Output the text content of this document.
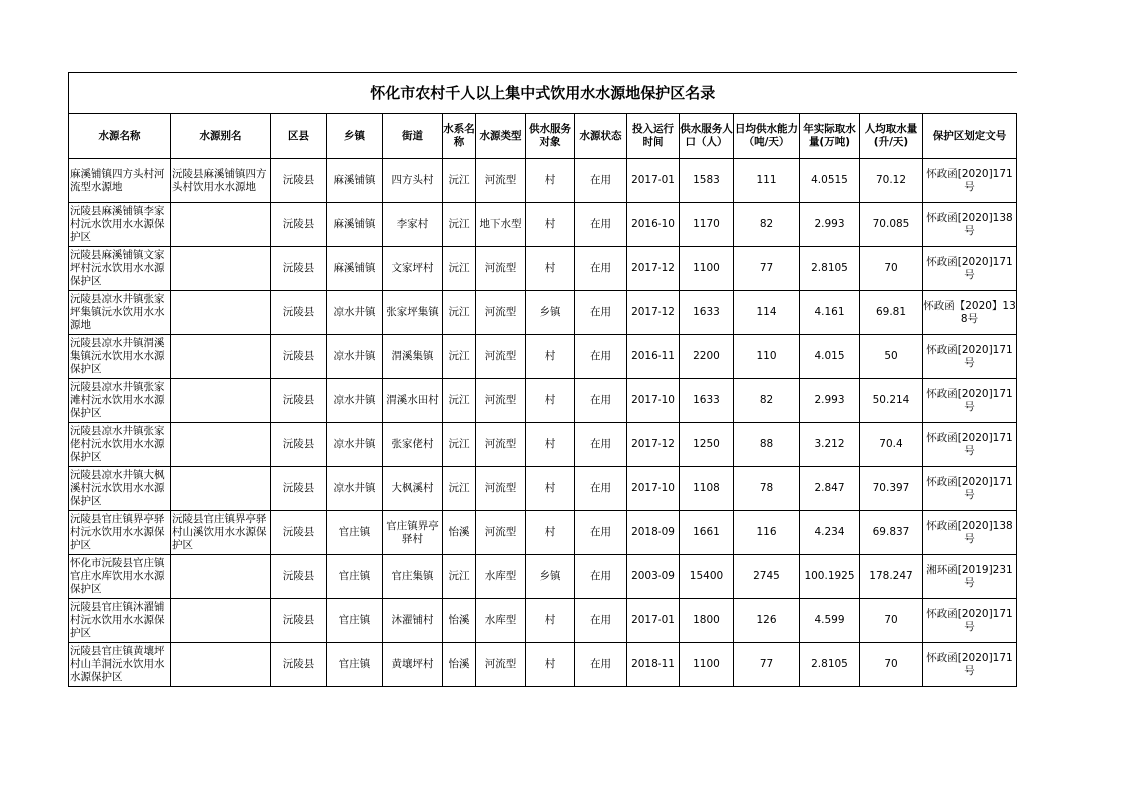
怀化市农村千人以上集中式饮用水水源地保护区名录														
水源名称	水源别名	区县	乡镇	街道	水系名称	水源类型	供水服务对象	水源状态	投入运行时间	供水服务人口（人）	日均供水能力（吨/天）	年实际取水量(万吨)	人均取水量(升/天)	保护区划定文号

麻溪铺镇四方头村河流型水源地	沅陵县麻溪铺镇四方头村饮用水水源地	沅陵县	麻溪铺镇	四方头村	沅江	河流型	村	在用	2017-01	1583	111	4.0515	70.12	怀政函[2020]171号

沅陵县麻溪铺镇李家村沅水饮用水水源保护区		沅陵县	麻溪铺镇	李家村	沅江	地下水型	村	在用	2016-10	1170	82	2.993	70.085	怀政函[2020]138号

沅陵县麻溪铺镇文家坪村沅水饮用水水源保护区		沅陵县	麻溪铺镇	文家坪村	沅江	河流型	村	在用	2017-12	1100	77	2.8105	70	怀政函[2020]171号

沅陵县凉水井镇张家坪集镇沅水饮用水水源地		沅陵县	凉水井镇	张家坪集镇	沅江	河流型	乡镇	在用	2017-12	1633	114	4.161	69.81	怀政函【2020】138号

沅陵县凉水井镇渭溪集镇沅水饮用水水源保护区		沅陵县	凉水井镇	渭溪集镇	沅江	河流型	村	在用	2016-11	2200	110	4.015	50	怀政函[2020]171号

沅陵县凉水井镇张家滩村沅水饮用水水源保护区		沅陵县	凉水井镇	渭溪水田村	沅江	河流型	村	在用	2017-10	1633	82	2.993	50.214	怀政函[2020]171号

沅陵县凉水井镇张家佬村沅水饮用水水源保护区		沅陵县	凉水井镇	张家佬村	沅江	河流型	村	在用	2017-12	1250	88	3.212	70.4	怀政函[2020]171号

沅陵县凉水井镇大枫溪村沅水饮用水水源保护区		沅陵县	凉水井镇	大枫溪村	沅江	河流型	村	在用	2017-10	1108	78	2.847	70.397	怀政函[2020]171号

沅陵县官庄镇界亭驿村沅水饮用水水源保护区	沅陵县官庄镇界亭驿村山溪饮用水水源保护区	沅陵县	官庄镇	官庄镇界亭驿村	怡溪	河流型	村	在用	2018-09	1661	116	4.234	69.837	怀政函[2020]138号

怀化市沅陵县官庄镇官庄水库饮用水水源保护区		沅陵县	官庄镇	官庄集镇	沅江	水库型	乡镇	在用	2003-09	15400	2745	100.1925	178.247	湘环函[2019]231号

沅陵县官庄镇沐濯铺村沅水饮用水水源保护区		沅陵县	官庄镇	沐濯铺村	怡溪	水库型	村	在用	2017-01	1800	126	4.599	70	怀政函[2020]171号

沅陵县官庄镇黄壤坪村山羊洞沅水饮用水水源保护区		沅陵县	官庄镇	黄壤坪村	怡溪	河流型	村	在用	2018-11	1100	77	2.8105	70	怀政函[2020]171号
